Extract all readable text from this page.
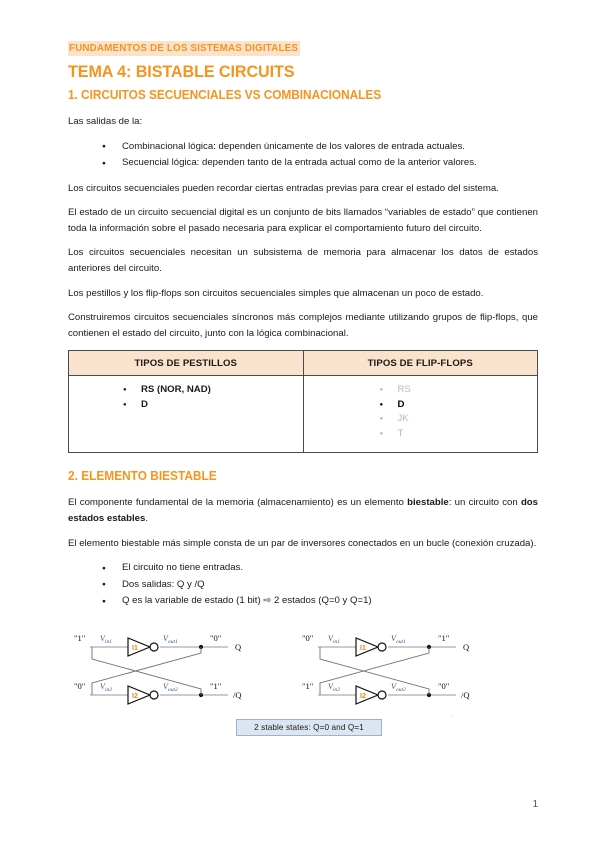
FUNDAMENTOS DE LOS SISTEMAS DIGITALES
TEMA 4: BISTABLE CIRCUITS
1. CIRCUITOS SECUENCIALES VS COMBINACIONALES

Las salidas de la:

● Combinacional lógica: dependen únicamente de los valores de entrada actuales.
● Secuencial lógica: dependen tanto de la entrada actual como de la anterior valores.

Los circuitos secuenciales pueden recordar ciertas entradas previas para crear el estado del sistema.

El estado de un circuito secuencial digital es un conjunto de bits llamados “variables de estado” que contienen toda la información sobre el pasado necesaria para explicar el comportamiento futuro del circuito.

Los circuitos secuenciales necesitan un subsistema de memoria para almacenar los datos de estados anteriores del circuito.

Los pestillos y los flip-flops son circuitos secuenciales simples que almacenan un poco de estado.

Construiremos circuitos secuenciales síncronos más complejos mediante utilizando grupos de flip-flops, que contienen el estado del circuito, junto con la lógica combinacional.

TIPOS DE PESTILLOS	TIPOS DE FLIP-FLOPS

● RS (NOR, NAD)
● D

● RS
● D
● JK
● T
2. ELEMENTO BIESTABLE

El componente fundamental de la memoria (almacenamiento) es un elemento biestable: un circuito con dos estados estables.

El elemento biestable más simple consta de un par de inversores conectados en un bucle (conexión cruzada).

● El circuito no tiene entradas.
● Dos salidas: Q y /Q
● Q es la variable de estado (1 bit) ⇨ 2 estados (Q=0 y Q=1)
I1
I2
"1" $V_{in1}$	$V_{out1}$	"0"
Q
"0" $V_{in2}$	$V_{out2}$	"1"
/Q
I1
I2
"0" $V_{in1}$	$V_{out1}$	"1"
Q
"1" $V_{in2}$	$V_{out2}$	"0"
/Q
2 stable states: Q=0 and Q=1
‛
1
